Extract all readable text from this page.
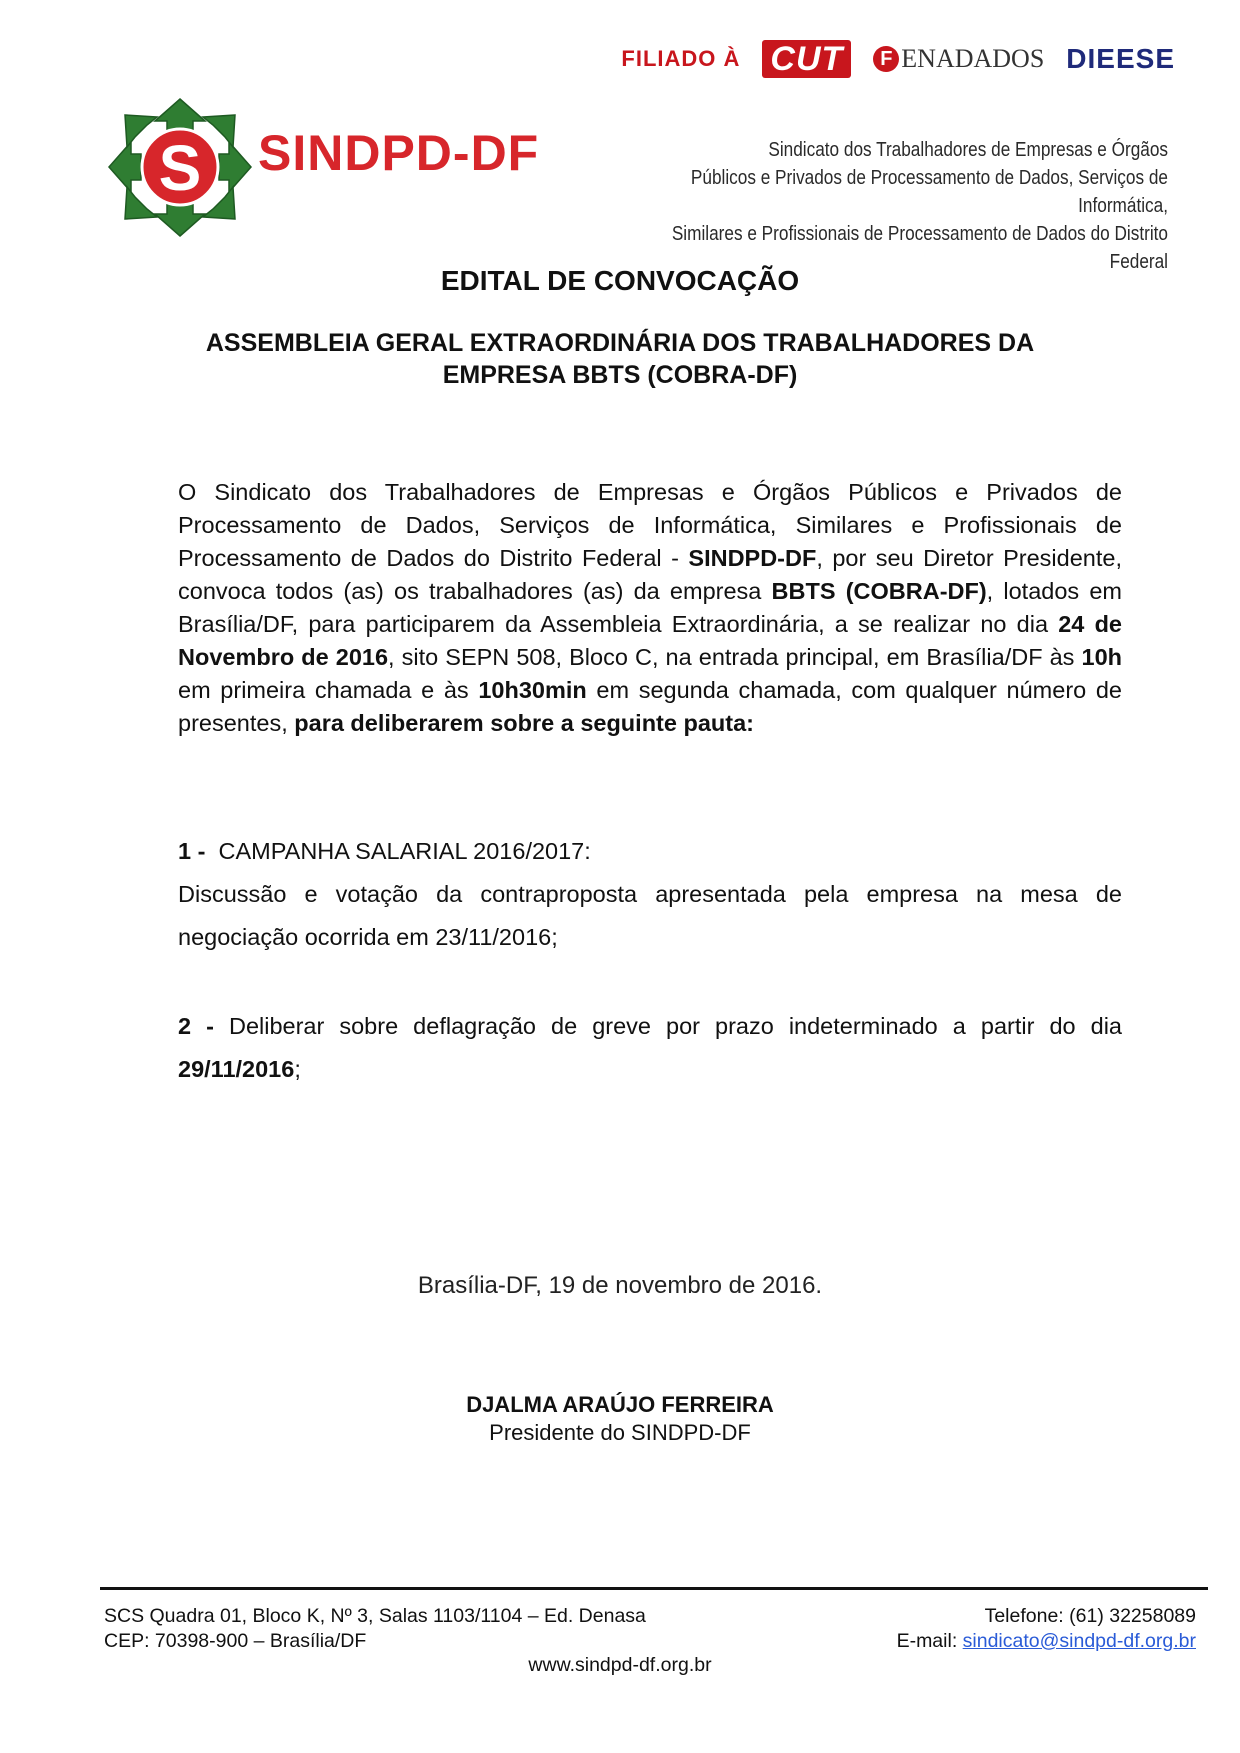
FILIADO À CUT	F ENADADOS DIEESE
S SINDPD-DF	Sindicato dos Trabalhadores de Empresas e Órgãos
Públicos e Privados de Processamento de Dados, Serviços de Informática,
Similares e Profissionais de Processamento de Dados do Distrito Federal
EDITAL DE CONVOCAÇÃO
ASSEMBLEIA GERAL EXTRAORDINÁRIA DOS TRABALHADORES DA
EMPRESA BBTS (COBRA-DF)
O Sindicato dos Trabalhadores de Empresas e Órgãos Públicos e Privados de Processamento de Dados, Serviços de Informática, Similares e Profissionais de Processamento de Dados do Distrito Federal - SINDPD-DF, por seu Diretor Presidente, convoca todos (as) os trabalhadores (as) da empresa BBTS (COBRA-DF), lotados em Brasília/DF, para participarem da Assembleia Extraordinária, a se realizar no dia 24 de Novembro de 2016, sito SEPN 508, Bloco C, na entrada principal, em Brasília/DF às 10h em primeira chamada e às 10h30min em segunda chamada, com qualquer número de presentes, para deliberarem sobre a seguinte pauta:
1 - CAMPANHA SALARIAL 2016/2017:
Discussão e votação da contraproposta apresentada pela empresa na mesa de negociação ocorrida em 23/11/2016;
2 - Deliberar sobre deflagração de greve por prazo indeterminado a partir do dia 29/11/2016;
Brasília-DF, 19 de novembro de 2016.
DJALMA ARAÚJO FERREIRA
Presidente do SINDPD-DF
SCS Quadra 01, Bloco K, Nº 3, Salas 1103/1104 – Ed. Denasa
CEP: 70398-900 – Brasília/DF
Telefone: (61) 32258089
E-mail: sindicato@sindpd-df.org.br
www.sindpd-df.org.br
